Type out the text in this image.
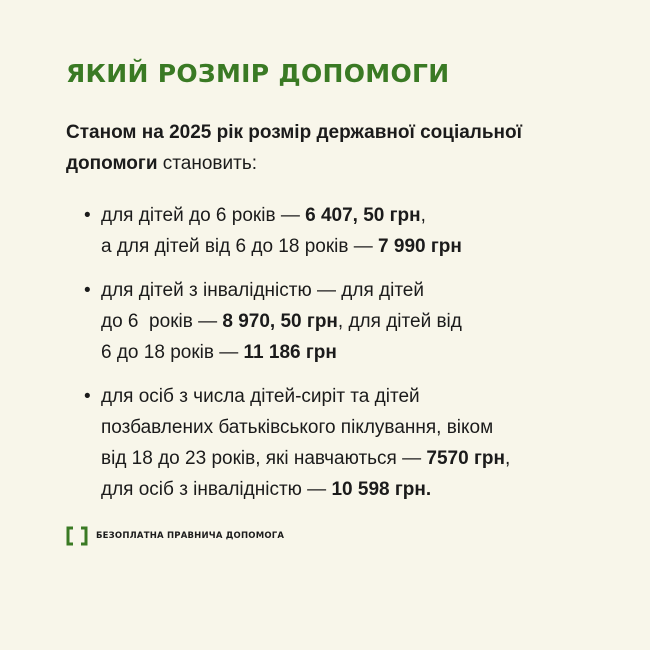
ЯКИЙ РОЗМІР ДОПОМОГИ

Станом на 2025 рік розмір державної соціальної допомоги становить:

• для дітей до 6 років — 6 407, 50 грн,
а для дітей від 6 до 18 років — 7 990 грн
• для дітей з інвалідністю — для дітей
до 6  років — 8 970, 50 грн, для дітей від
6 до 18 років — 11 186 грн
• для осіб з числа дітей-сиріт та дітей
позбавлених батьківського піклування, віком
від 18 до 23 років, які навчаються — 7570 грн,
для осіб з інвалідністю — 10 598 грн.
БЕЗОПЛАТНА ПРАВНИЧА ДОПОМОГА
